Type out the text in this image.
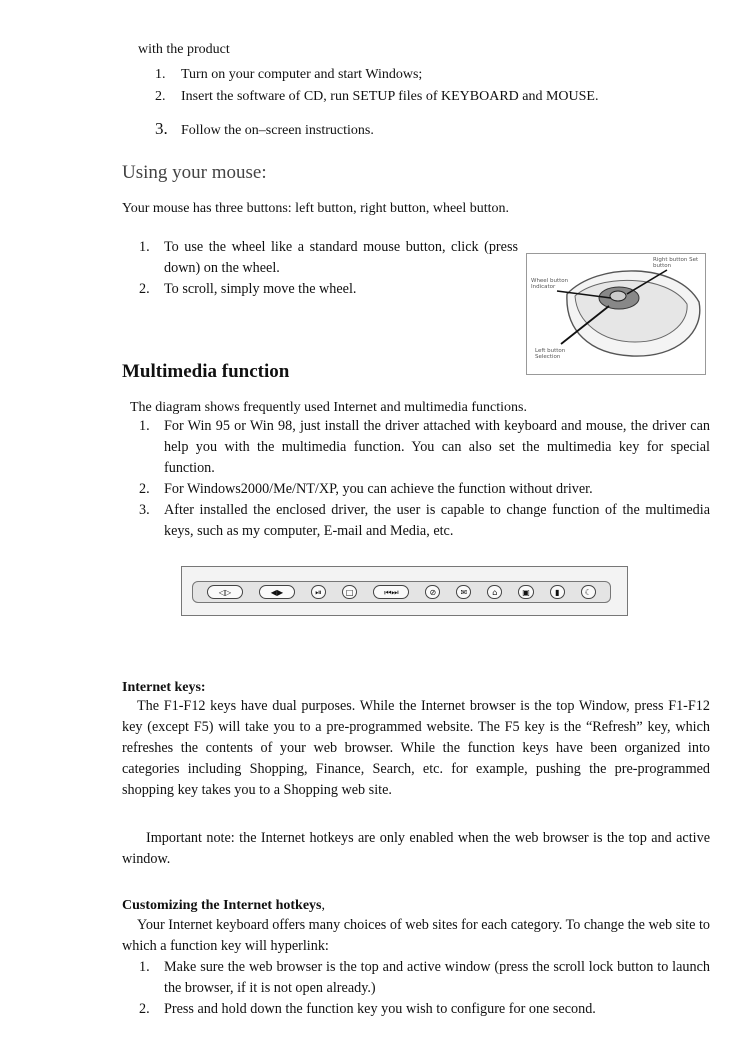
with the product
1. Turn on your computer and start Windows;
2. Insert the software of CD, run SETUP files of KEYBOARD and MOUSE.
3. Follow the on–screen instructions.
Using your mouse:
Your mouse has three buttons: left button, right button, wheel button.
1. To use the wheel like a standard mouse button, click (press down) on the wheel.
2. To scroll, simply move the wheel.	Wheel button Indicator
Right button Set button
Left button Selection
Multimedia function
The diagram shows frequently used Internet and multimedia functions.
1. For Win 95 or Win 98, just install the driver attached with keyboard and mouse, the driver can help you with the multimedia function. You can also set the multimedia key for special function.
2. For Windows2000/Me/NT/XP, you can achieve the function without driver.
3. After installed the enclosed driver, the user is capable to change function of the multimedia keys, such as my computer, E-mail and Media, etc.
◁▷	◀▶	⏯	□	⏮⏭	⊘	✉	⌂	▣	▮	☾
Internet keys:
The F1-F12 keys have dual purposes. While the Internet browser is the top Window, press F1-F12 key (except F5) will take you to a pre-programmed website. The F5 key is the “Refresh” key, which refreshes the contents of your web browser. While the function keys have been organized into categories including Shopping, Finance, Search, etc. for example, pushing the pre-programmed shopping key takes you to a Shopping web site.
Important note: the Internet hotkeys are only enabled when the web browser is the top and active window.
Customizing the Internet hotkeys,
Your Internet keyboard offers many choices of web sites for each category. To change the web site to which a function key will hyperlink:
1. Make sure the web browser is the top and active window (press the scroll lock button to launch the browser, if it is not open already.)
2. Press and hold down the function key you wish to configure for one second.
